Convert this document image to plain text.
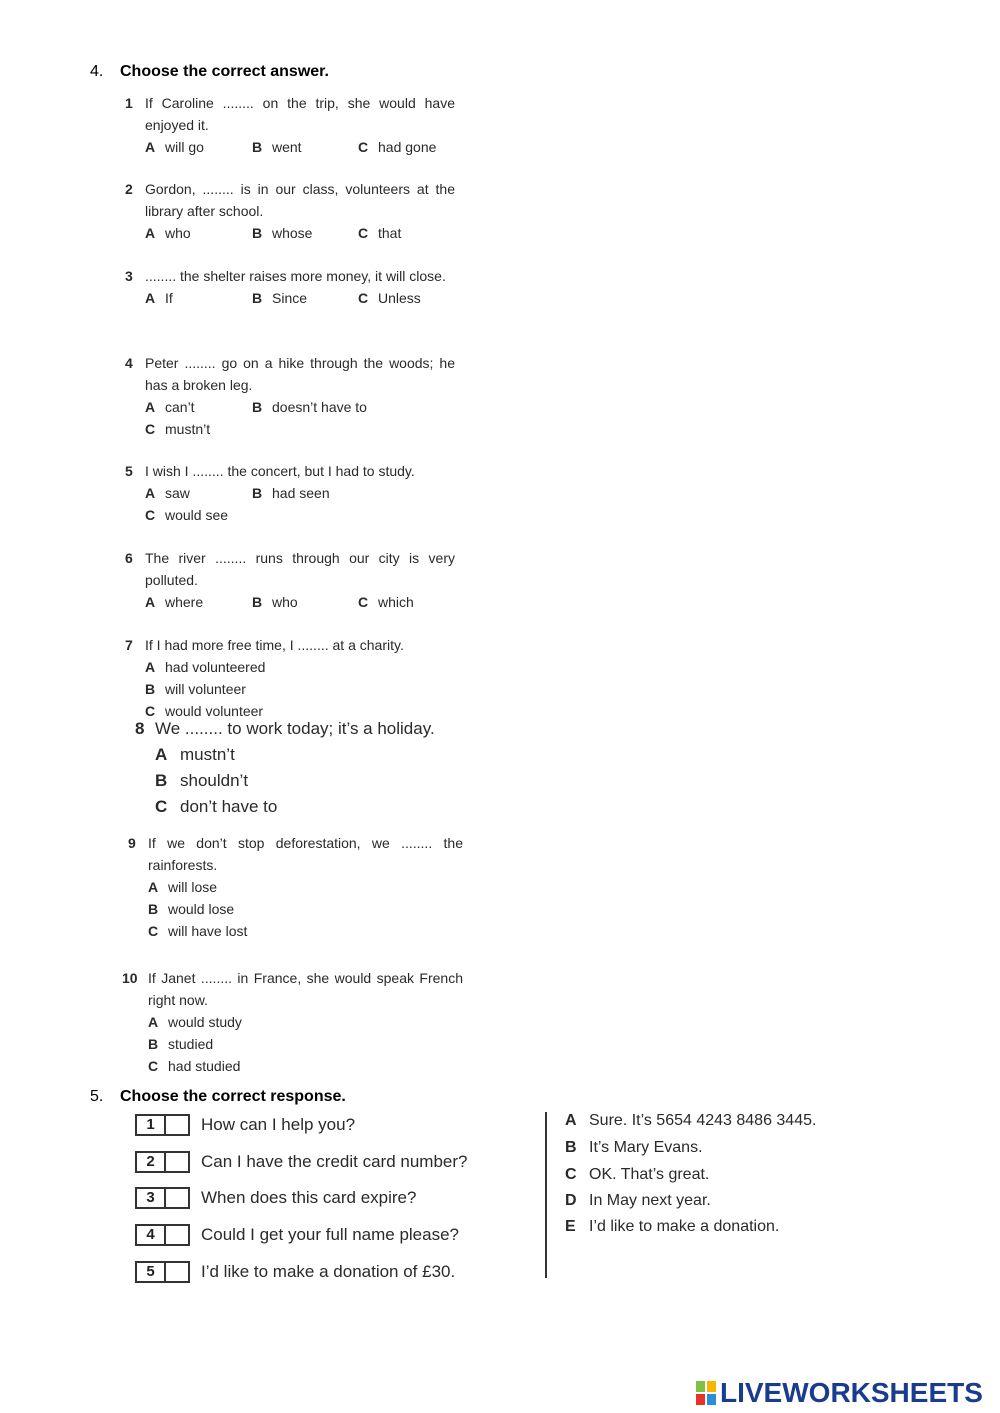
4. Choose the correct answer.
1 If Caroline ........ on the trip, she would have enjoyed it.
A will go	B went	C had gone
2 Gordon, ........ is in our class, volunteers at the library after school.
A who	B whose	C that
3 ........ the shelter raises more money, it will close.
A If	B Since	C Unless
4 Peter ........ go on a hike through the woods; he has a broken leg.
A can’t	B doesn’t have to
C mustn’t
5 I wish I ........ the concert, but I had to study.
A saw	B had seen
C would see
6 The river ........ runs through our city is very polluted.
A where	B who	C which
7 If I had more free time, I ........ at a charity.
A had volunteered
B will volunteer
C would volunteer
8 We ........ to work today; it’s a holiday.
A mustn’t
B shouldn’t
C don’t have to
9 If we don’t stop deforestation, we ........ the rainforests.
A will lose
B would lose
C will have lost
10 If Janet ........ in France, she would speak French right now.
A would study
B studied
C had studied
5. Choose the correct response.
1	How can I help you?
2	Can I have the credit card number?
3	When does this card expire?
4	Could I get your full name please?
5	I’d like to make a donation of £30.
A Sure. It’s 5654 4243 8486 3445.
B It’s Mary Evans.
C OK. That’s great.
D In May next year.
E I’d like to make a donation.
LIVEWORKSHEETS
